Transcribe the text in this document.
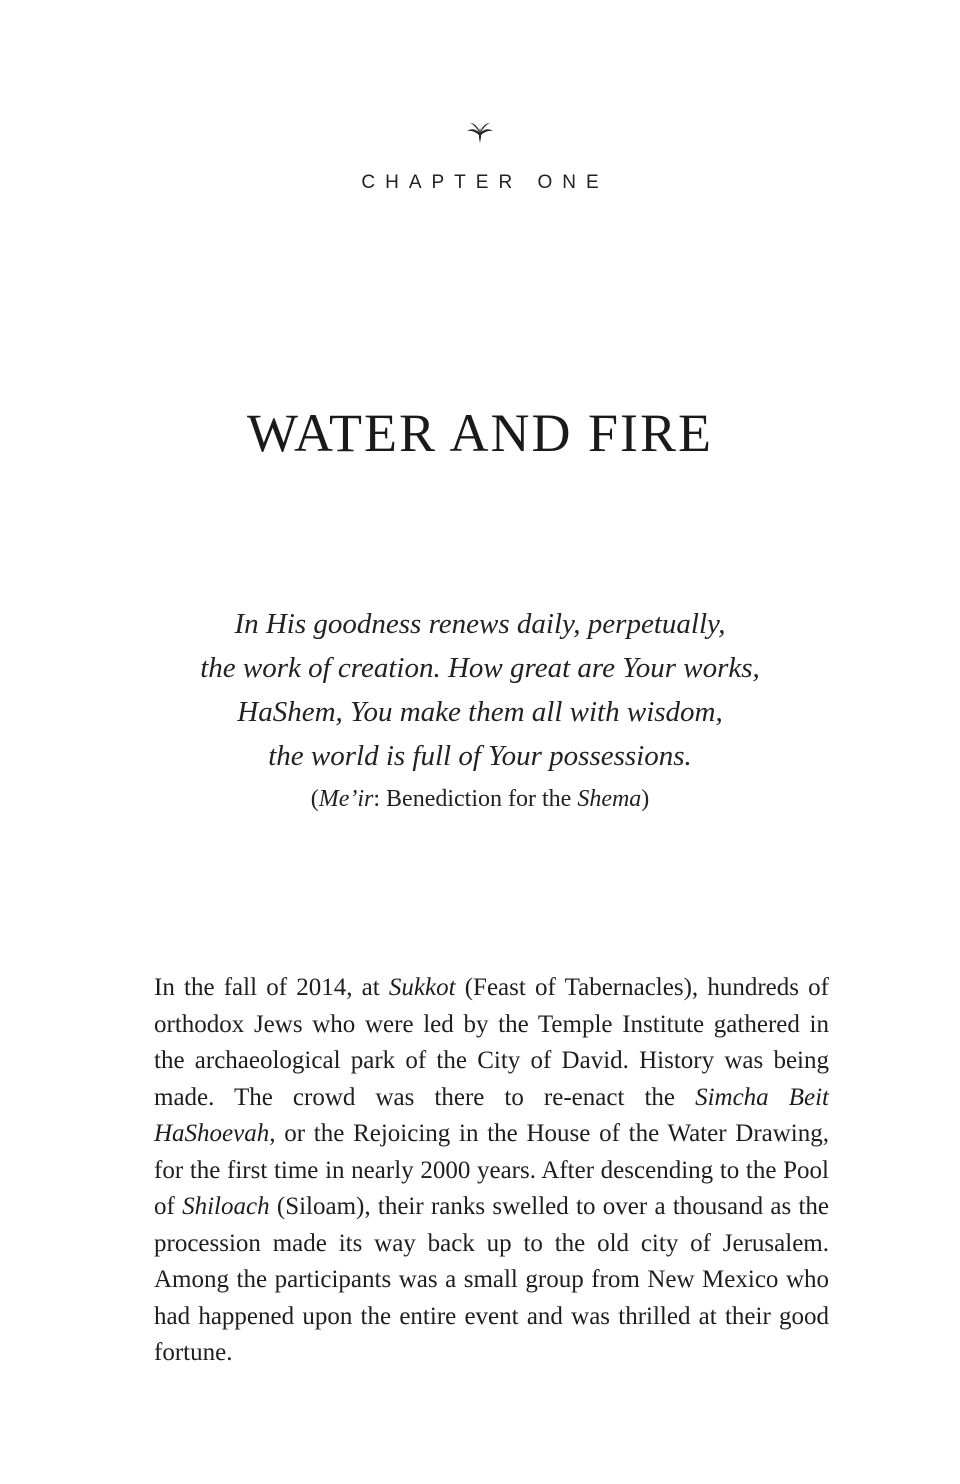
CHAPTER ONE
WATER AND FIRE
In His goodness renews daily, perpetually,
the work of creation. How great are Your works,
HaShem, You make them all with wisdom,
the world is full of Your possessions.
(Me’ir: Benediction for the Shema)

In the fall of 2014, at Sukkot (Feast of Tabernacles), hundreds of orthodox Jews who were led by the Temple Institute gathered in the archaeological park of the City of David. History was being made. The crowd was there to re-enact the Simcha Beit HaShoevah, or the Rejoicing in the House of the Water Drawing, for the first time in nearly 2000 years. After descending to the Pool of Shiloach (Siloam), their ranks swelled to over a thousand as the procession made its way back up to the old city of Jerusalem. Among the participants was a small group from New Mexico who had happened upon the entire event and was thrilled at their good fortune.
